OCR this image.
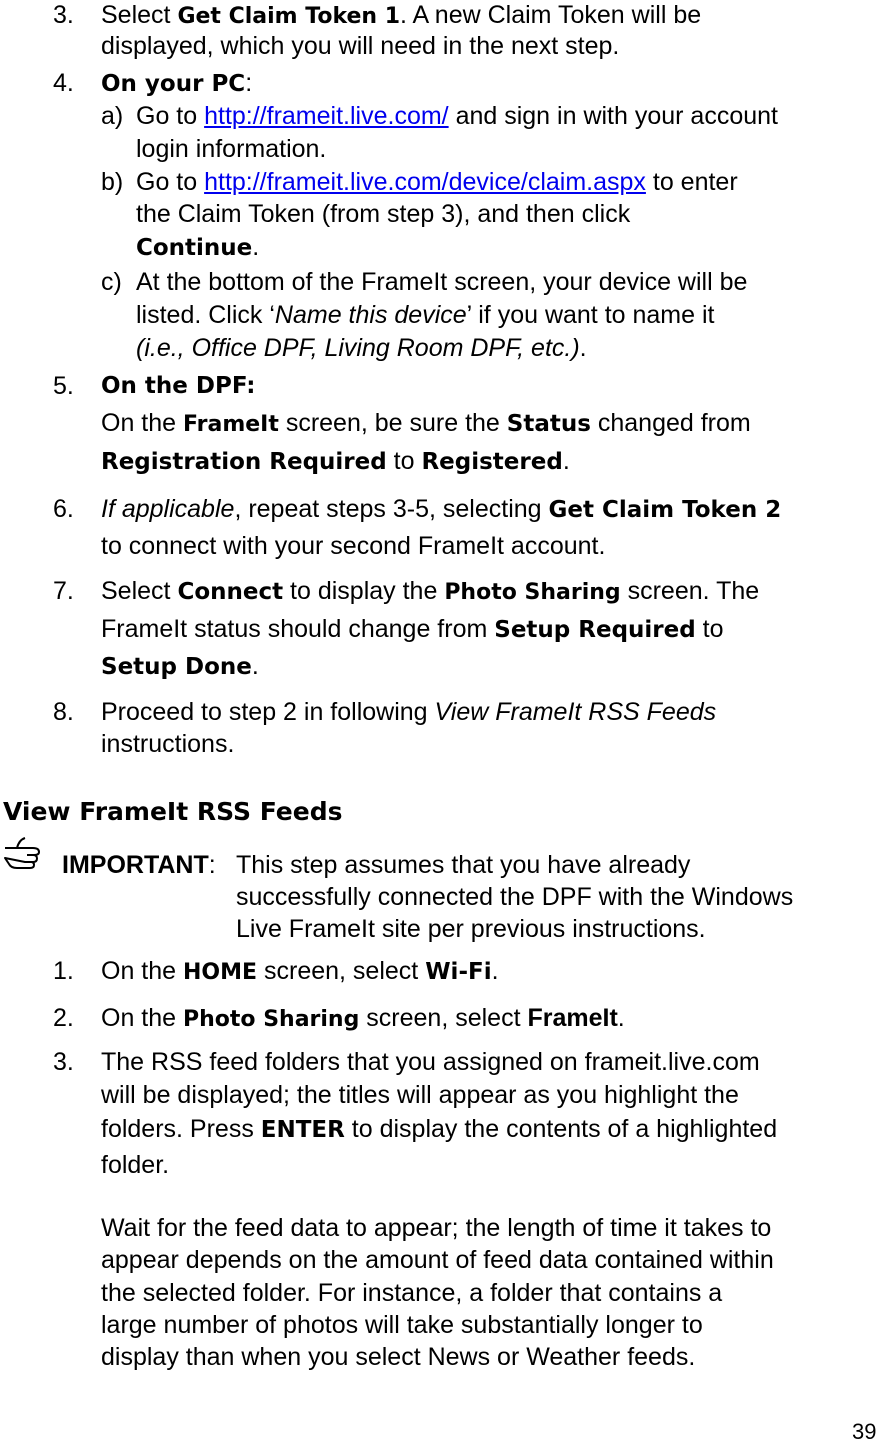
3. Select Get Claim Token 1. A new Claim Token will be
displayed, which you will need in the next step.
4. On your PC:
a) Go to http://frameit.live.com/ and sign in with your account
login information.
b) Go to http://frameit.live.com/device/claim.aspx to enter
the Claim Token (from step 3), and then click
Continue.
c) At the bottom of the FrameIt screen, your device will be
listed. Click ‘Name this device’ if you want to name it
(i.e., Office DPF, Living Room DPF, etc.).
5. On the DPF:
On the FrameIt screen, be sure the Status changed from
Registration Required to Registered.
6. If applicable, repeat steps 3-5, selecting Get Claim Token 2
to connect with your second FrameIt account.
7. Select Connect to display the Photo Sharing screen. The
FrameIt status should change from Setup Required to
Setup Done.
8. Proceed to step 2 in following View FrameIt RSS Feeds
instructions.
View FrameIt RSS Feeds
IMPORTANT: This step assumes that you have already
successfully connected the DPF with the Windows
Live FrameIt site per previous instructions.
1. On the HOME screen, select Wi-Fi.
2. On the Photo Sharing screen, select FrameIt.
3. The RSS feed folders that you assigned on frameit.live.com
will be displayed; the titles will appear as you highlight the
folders. Press ENTER to display the contents of a highlighted
folder.
Wait for the feed data to appear; the length of time it takes to
appear depends on the amount of feed data contained within
the selected folder. For instance, a folder that contains a
large number of photos will take substantially longer to
display than when you select News or Weather feeds.
39
